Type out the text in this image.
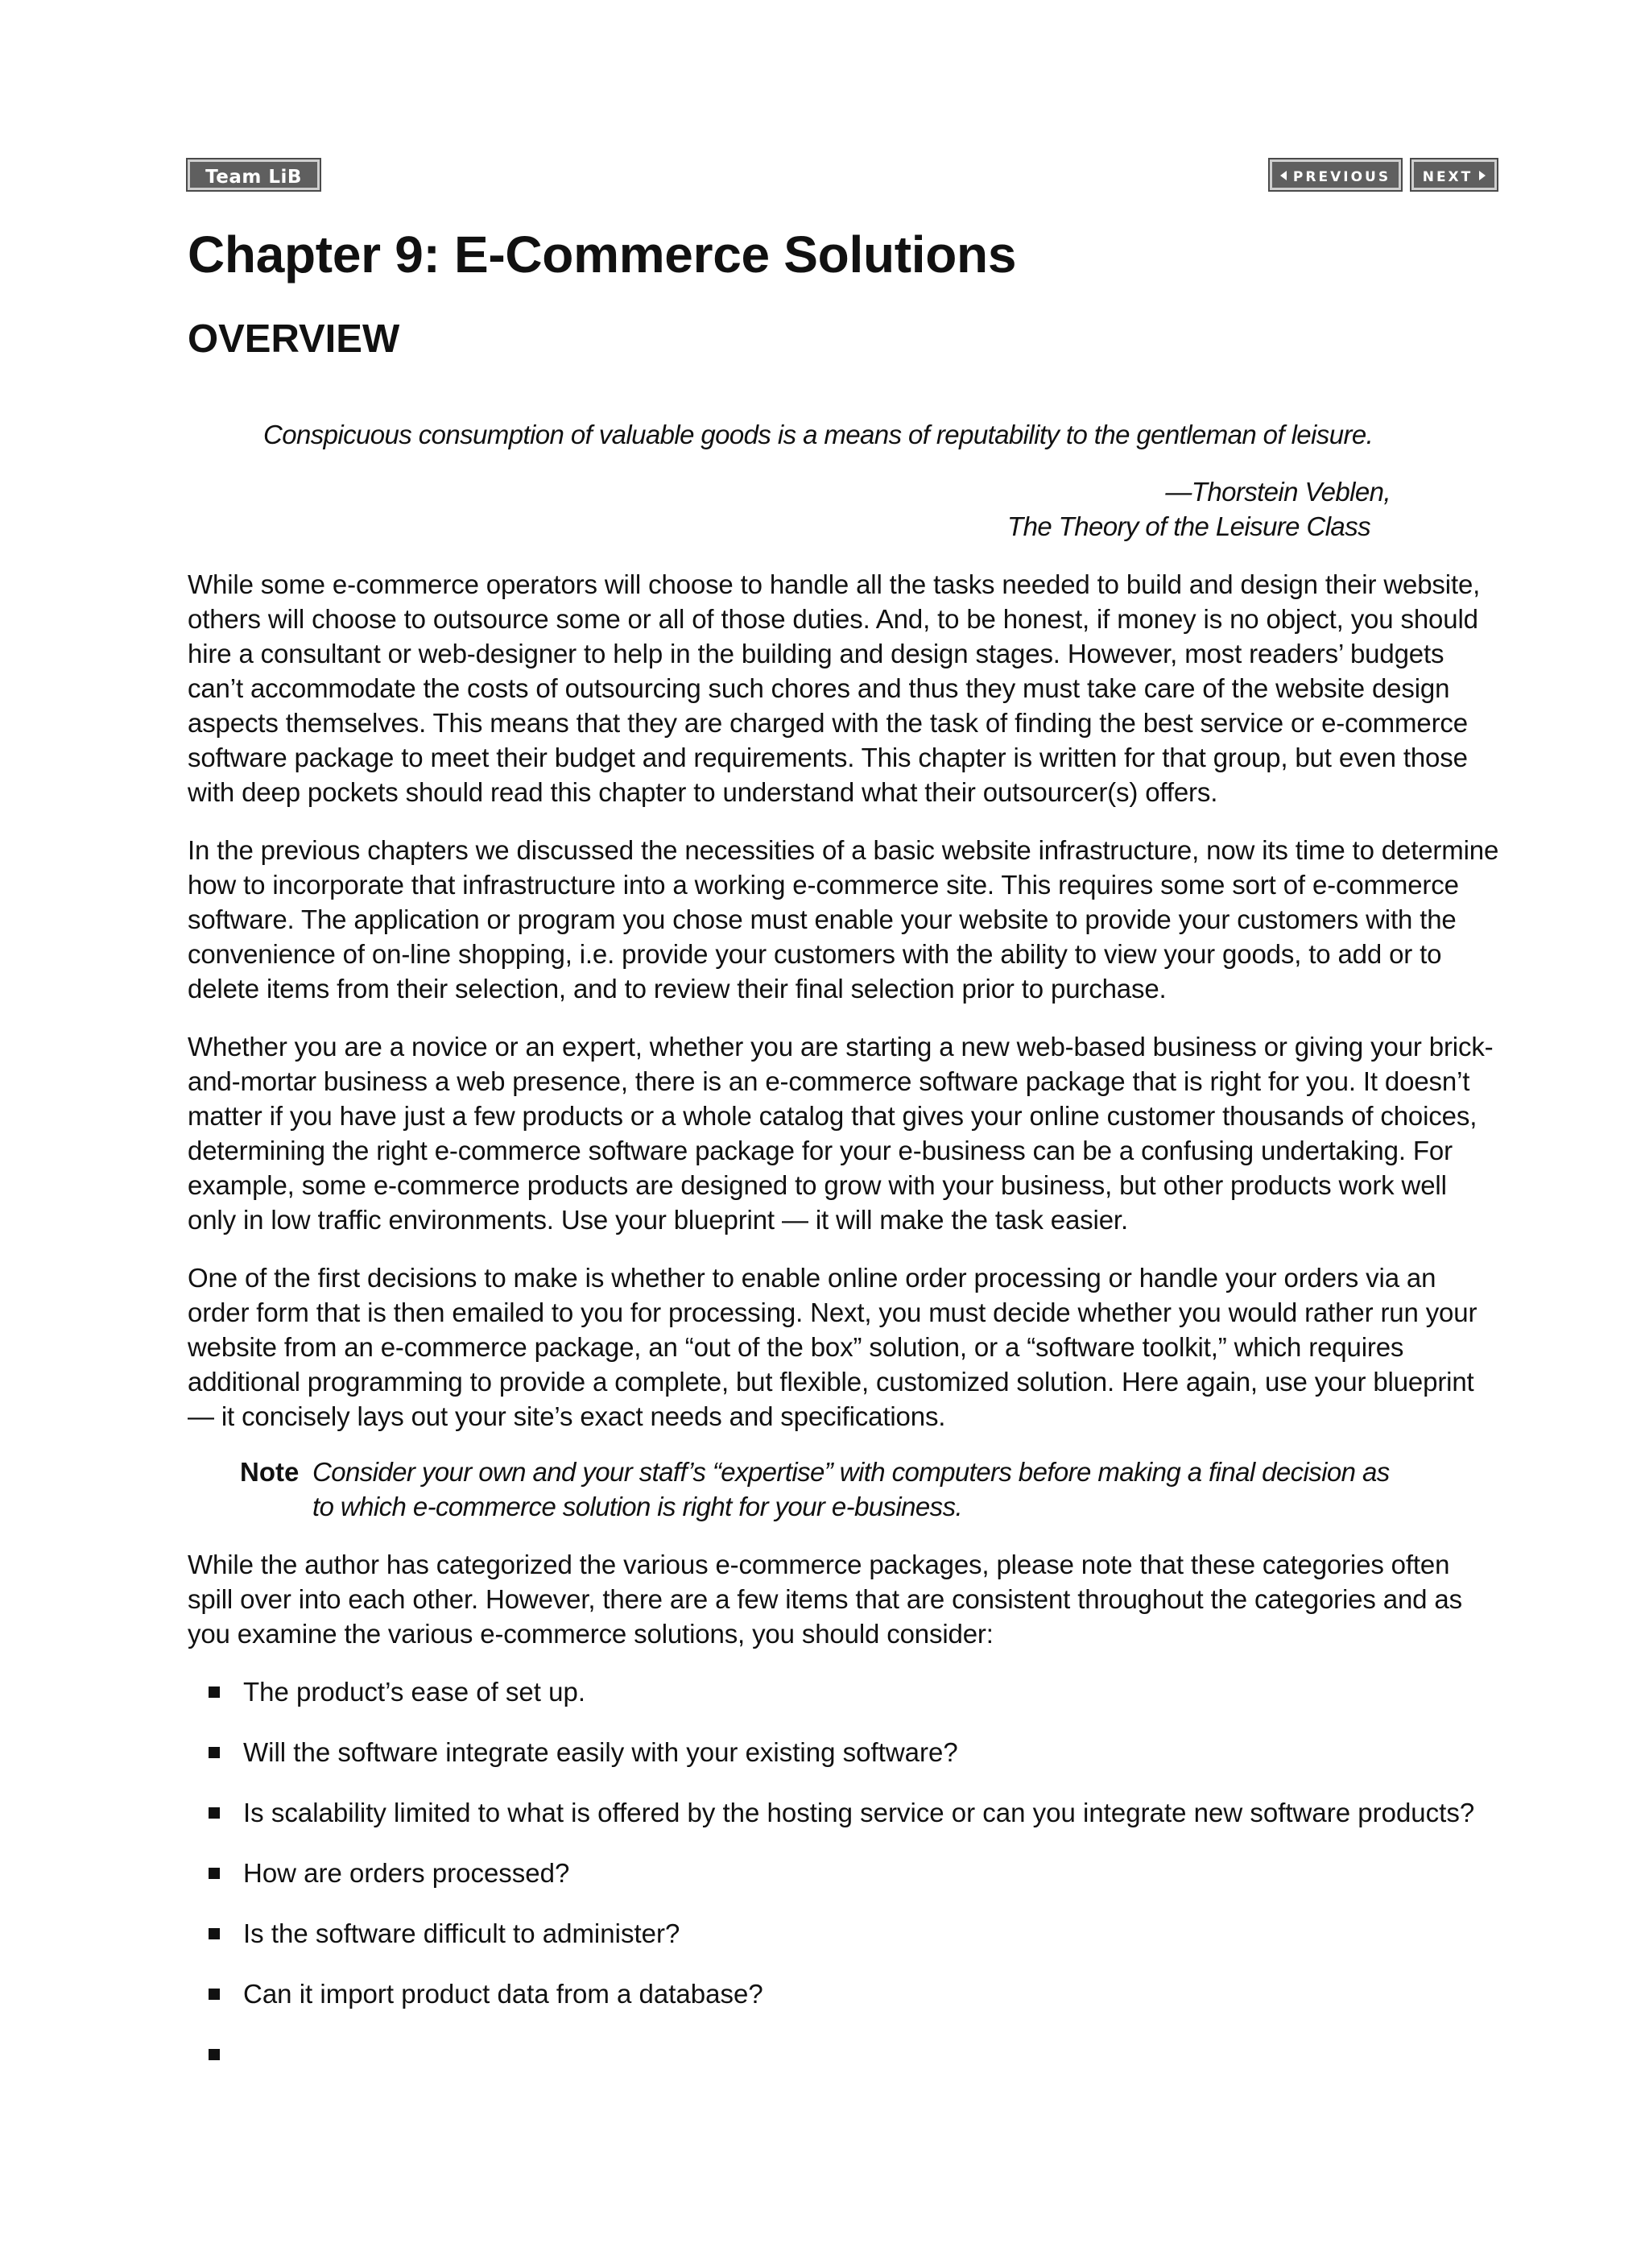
Team LiB	PREVIOUS	NEXT
Chapter 9: E-Commerce Solutions
OVERVIEW
Conspicuous consumption of valuable goods is a means of reputability to the gentleman of leisure.
—Thorstein Veblen,
The Theory of the Leisure Class

While some e-commerce operators will choose to handle all the tasks needed to build and design their website, others will choose to outsource some or all of those duties. And, to be honest, if money is no object, you should hire a consultant or web-designer to help in the building and design stages. However, most readers’ budgets can’t accommodate the costs of outsourcing such chores and thus they must take care of the website design aspects themselves. This means that they are charged with the task of finding the best service or e-commerce software package to meet their budget and requirements. This chapter is written for that group, but even those with deep pockets should read this chapter to understand what their outsourcer(s) offers.

In the previous chapters we discussed the necessities of a basic website infrastructure, now its time to determine how to incorporate that infrastructure into a working e-commerce site. This requires some sort of e-commerce software. The application or program you chose must enable your website to provide your customers with the convenience of on-line shopping, i.e. provide your customers with the ability to view your goods, to add or to delete items from their selection, and to review their final selection prior to purchase.

Whether you are a novice or an expert, whether you are starting a new web-based business or giving your brick-and-mortar business a web presence, there is an e-commerce software package that is right for you. It doesn’t matter if you have just a few products or a whole catalog that gives your online customer thousands of choices, determining the right e-commerce software package for your e-business can be a confusing undertaking. For example, some e-commerce products are designed to grow with your business, but other products work well only in low traffic environments. Use your blueprint — it will make the task easier.

One of the first decisions to make is whether to enable online order processing or handle your orders via an order form that is then emailed to you for processing. Next, you must decide whether you would rather run your website from an e-commerce package, an “out of the box” solution, or a “software toolkit,” which requires additional programming to provide a complete, but flexible, customized solution. Here again, use your blueprint — it concisely lays out your site’s exact needs and specifications.

Note Consider your own and your staff’s “expertise” with computers before making a final decision as to which e-commerce solution is right for your e-business.

While the author has categorized the various e-commerce packages, please note that these categories often spill over into each other. However, there are a few items that are consistent throughout the categories and as you examine the various e-commerce solutions, you should consider:

The product’s ease of set up.
Will the software integrate easily with your existing software?
Is scalability limited to what is offered by the hosting service or can you integrate new software products?
How are orders processed?
Is the software difficult to administer?
Can it import product data from a database?
